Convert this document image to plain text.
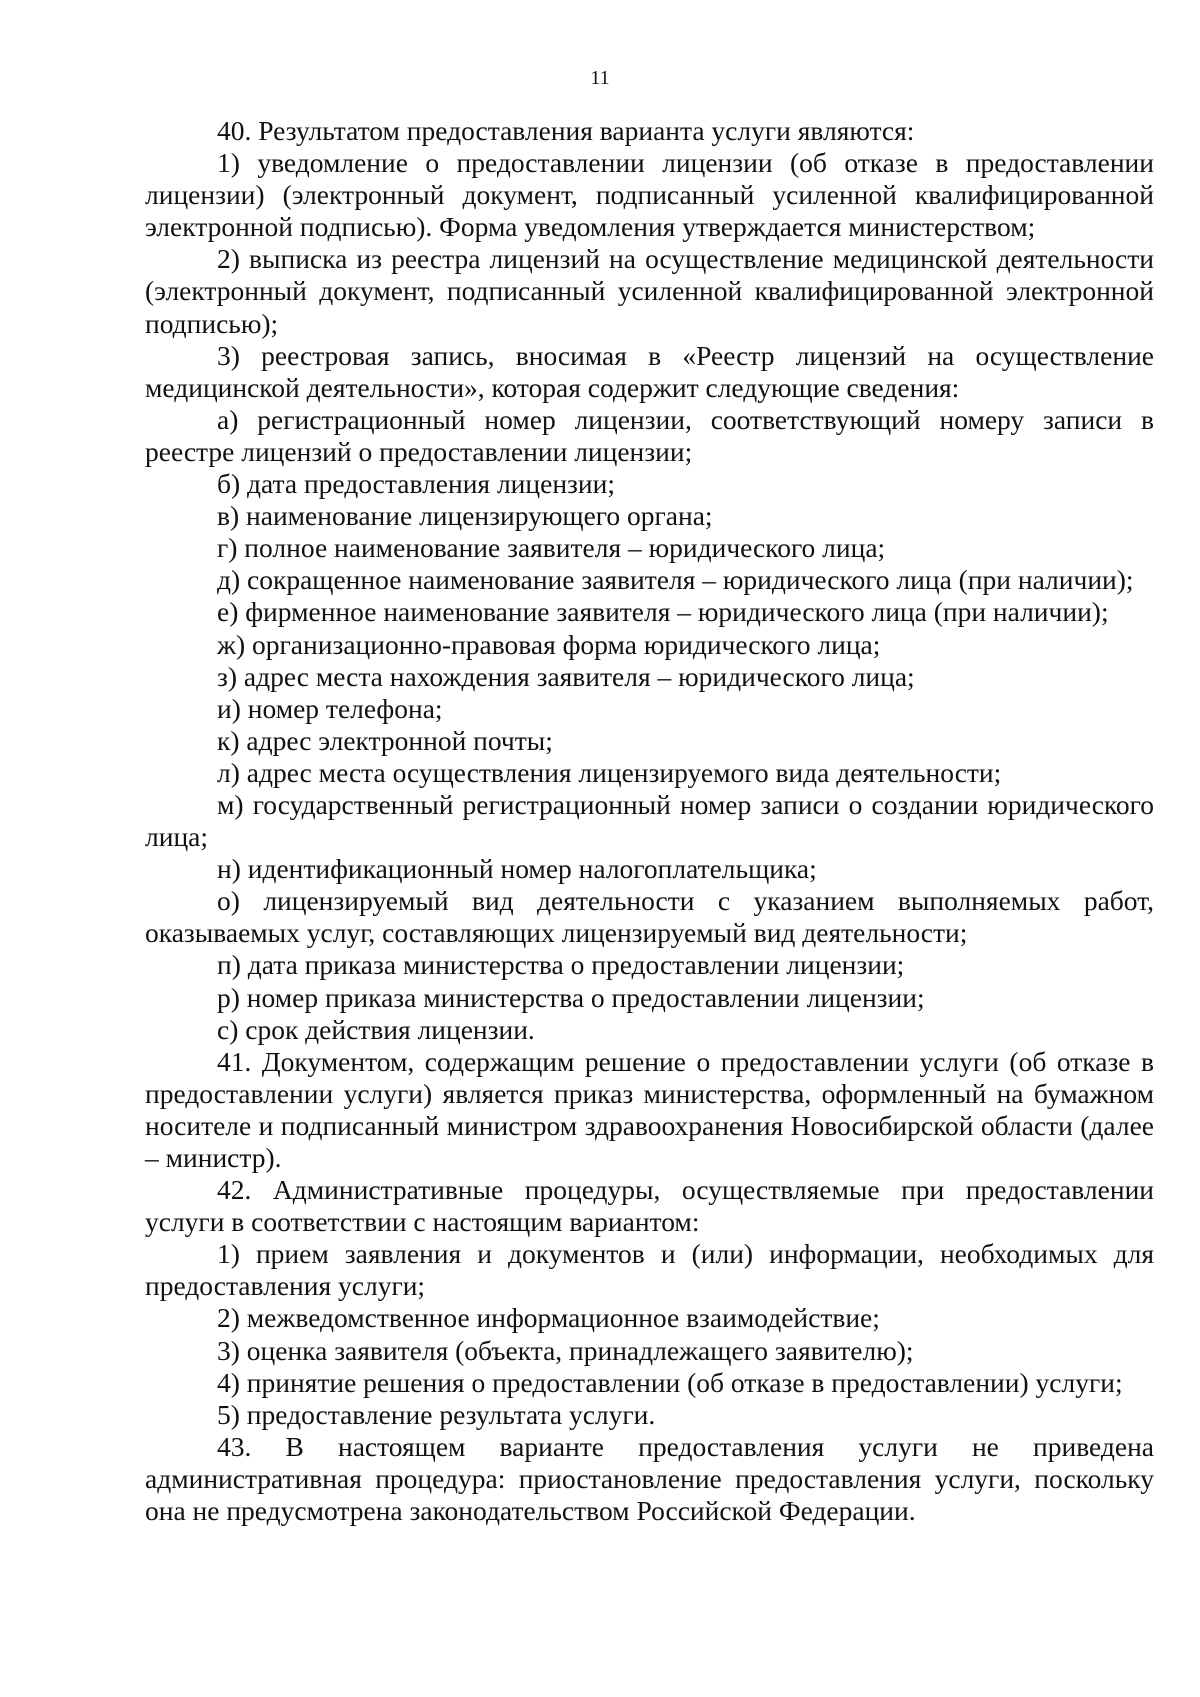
11

40. Результатом предоставления варианта услуги являются:

1) уведомление о предоставлении лицензии (об отказе в предоставлении лицензии) (электронный документ, подписанный усиленной квалифицированной электронной подписью). Форма уведомления утверждается министерством;

2) выписка из реестра лицензий на осуществление медицинской деятельности (электронный документ, подписанный усиленной квалифицированной электронной подписью);

3) реестровая запись, вносимая в «Реестр лицензий на осуществление медицинской деятельности», которая содержит следующие сведения:

а) регистрационный номер лицензии, соответствующий номеру записи в реестре лицензий о предоставлении лицензии;

б) дата предоставления лицензии;

в) наименование лицензирующего органа;

г) полное наименование заявителя – юридического лица;

д) сокращенное наименование заявителя – юридического лица (при наличии);

е) фирменное наименование заявителя – юридического лица (при наличии);

ж) организационно-правовая форма юридического лица;

з) адрес места нахождения заявителя – юридического лица;

и) номер телефона;

к) адрес электронной почты;

л) адрес места осуществления лицензируемого вида деятельности;

м) государственный регистрационный номер записи о создании юридического лица;

н) идентификационный номер налогоплательщика;

о) лицензируемый вид деятельности с указанием выполняемых работ, оказываемых услуг, составляющих лицензируемый вид деятельности;

п) дата приказа министерства о предоставлении лицензии;

р) номер приказа министерства о предоставлении лицензии;

с) срок действия лицензии.

41. Документом, содержащим решение о предоставлении услуги (об отказе в предоставлении услуги) является приказ министерства, оформленный на бумажном носителе и подписанный министром здравоохранения Новосибирской области (далее – министр).

42. Административные процедуры, осуществляемые при предоставлении услуги в соответствии с настоящим вариантом:

1) прием заявления и документов и (или) информации, необходимых для предоставления услуги;

2) межведомственное информационное взаимодействие;

3) оценка заявителя (объекта, принадлежащего заявителю);

4) принятие решения о предоставлении (об отказе в предоставлении) услуги;

5) предоставление результата услуги.

43. В настоящем варианте предоставления услуги не приведена административная процедура: приостановление предоставления услуги, поскольку она не предусмотрена законодательством Российской Федерации.
